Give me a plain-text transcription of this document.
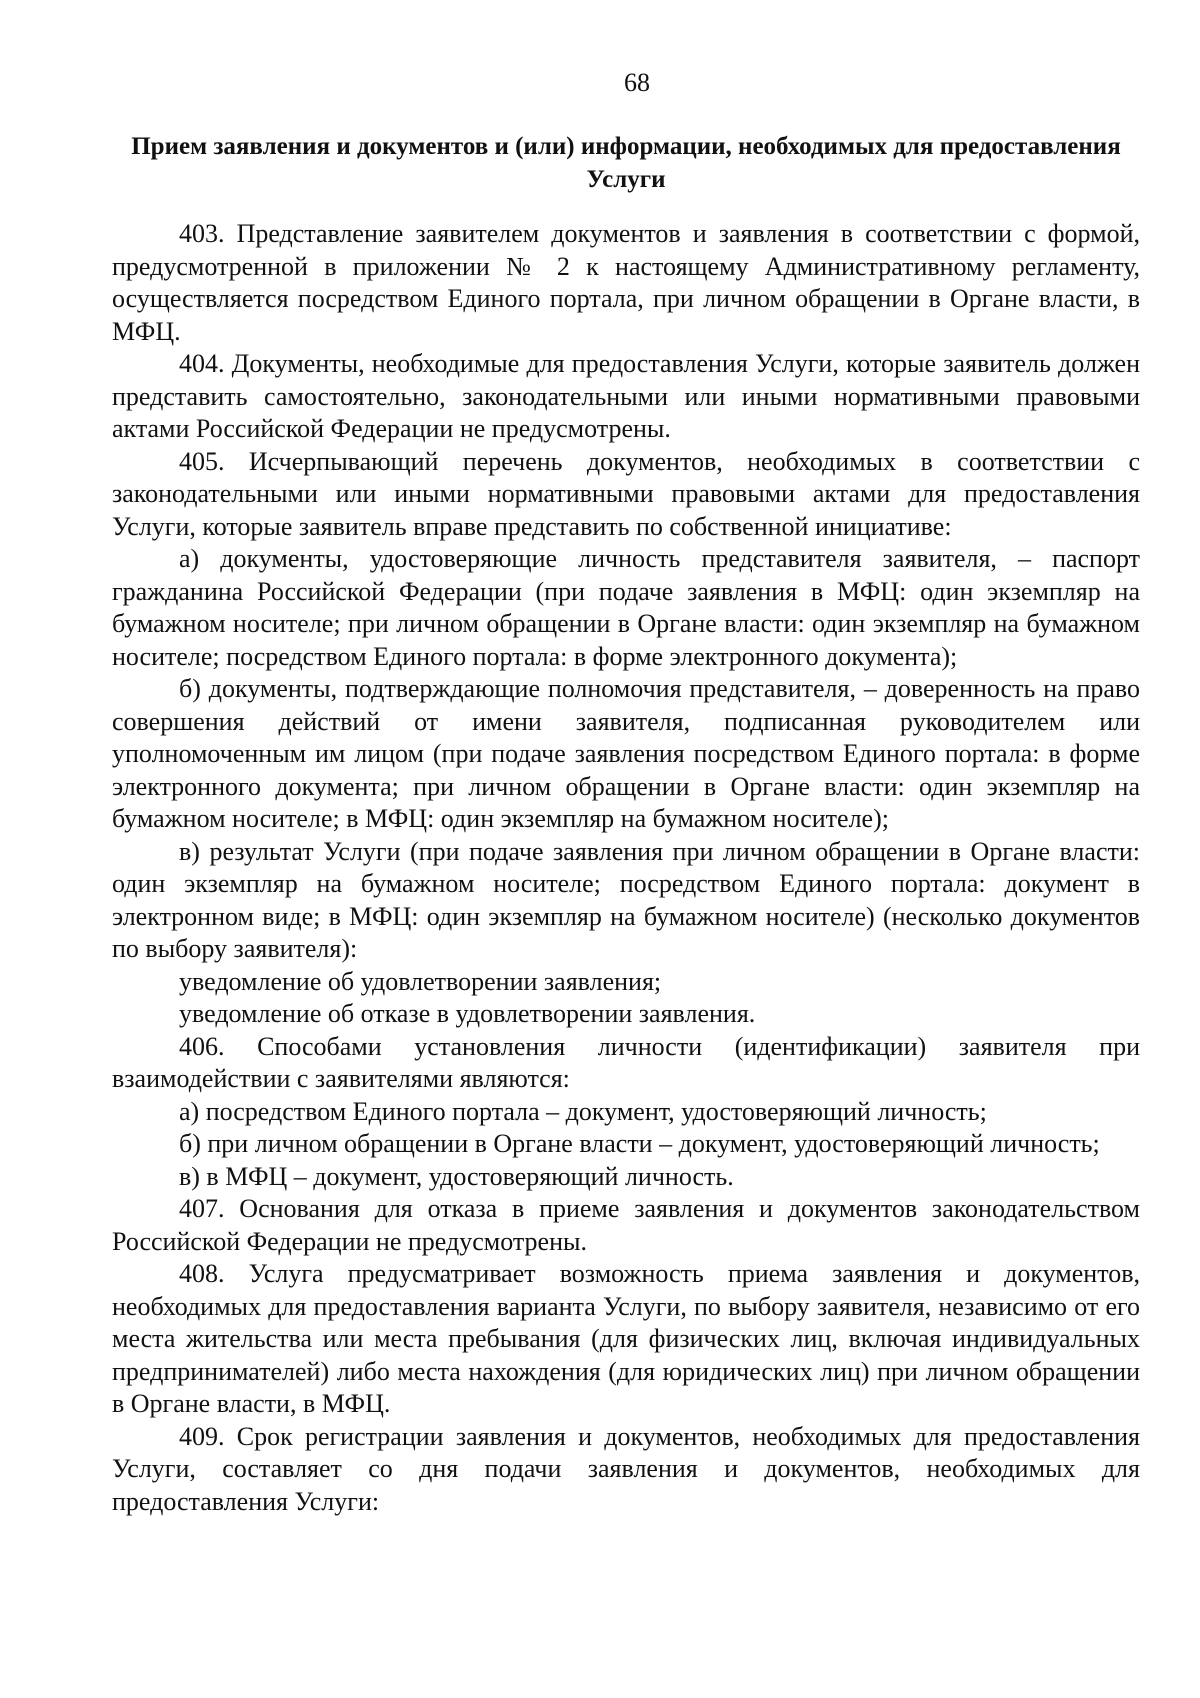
68
Прием заявления и документов и (или) информации, необходимых для предоставления Услуги

403. Представление заявителем документов и заявления в соответствии с формой, предусмотренной в приложении № 2 к настоящему Административному регламенту, осуществляется посредством Единого портала, при личном обращении в Органе власти, в МФЦ.

404. Документы, необходимые для предоставления Услуги, которые заявитель должен представить самостоятельно, законодательными или иными нормативными правовыми актами Российской Федерации не предусмотрены.

405. Исчерпывающий перечень документов, необходимых в соответствии с законодательными или иными нормативными правовыми актами для предоставления Услуги, которые заявитель вправе представить по собственной инициативе:

а) документы, удостоверяющие личность представителя заявителя, – паспорт гражданина Российской Федерации (при подаче заявления в МФЦ: один экземпляр на бумажном носителе; при личном обращении в Органе власти: один экземпляр на бумажном носителе; посредством Единого портала: в форме электронного документа);

б) документы, подтверждающие полномочия представителя, – доверенность на право совершения действий от имени заявителя, подписанная руководителем или уполномоченным им лицом (при подаче заявления посредством Единого портала: в форме электронного документа; при личном обращении в Органе власти: один экземпляр на бумажном носителе; в МФЦ: один экземпляр на бумажном носителе);

в) результат Услуги (при подаче заявления при личном обращении в Органе власти: один экземпляр на бумажном носителе; посредством Единого портала: документ в электронном виде; в МФЦ: один экземпляр на бумажном носителе) (несколько документов по выбору заявителя):

уведомление об удовлетворении заявления;

уведомление об отказе в удовлетворении заявления.

406. Способами установления личности (идентификации) заявителя при взаимодействии с заявителями являются:

а) посредством Единого портала – документ, удостоверяющий личность;

б) при личном обращении в Органе власти – документ, удостоверяющий личность;

в) в МФЦ – документ, удостоверяющий личность.

407. Основания для отказа в приеме заявления и документов законодательством Российской Федерации не предусмотрены.

408. Услуга предусматривает возможность приема заявления и документов, необходимых для предоставления варианта Услуги, по выбору заявителя, независимо от его места жительства или места пребывания (для физических лиц, включая индивидуальных предпринимателей) либо места нахождения (для юридических лиц) при личном обращении в Органе власти, в МФЦ.

409. Срок регистрации заявления и документов, необходимых для предоставления Услуги, составляет со дня подачи заявления и документов, необходимых для предоставления Услуги:
